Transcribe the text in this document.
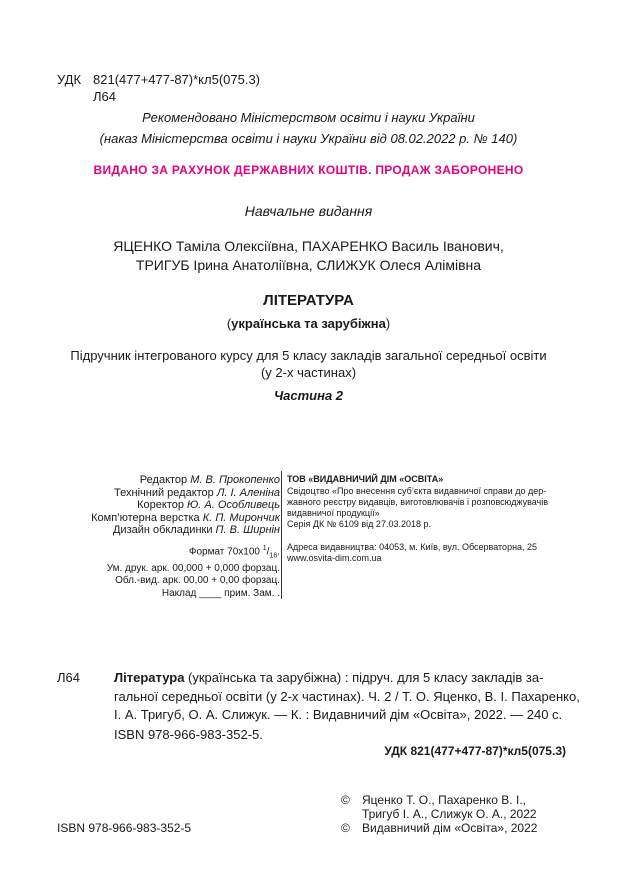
УДК 821(477+477-87)*кл5(075.3)
Л64
Рекомендовано Міністерством освіти і науки України
(наказ Міністерства освіти і науки України від 08.02.2022 р. № 140)
ВИДАНО ЗА РАХУНОК ДЕРЖАВНИХ КОШТІВ. ПРОДАЖ ЗАБОРОНЕНО
Навчальне видання
ЯЦЕНКО Таміла Олексіївна, ПАХАРЕНКО Василь Іванович,
ТРИГУБ Ірина Анатоліївна, СЛИЖУК Олеся Алімівна
ЛІТЕРАТУРА
(українська та зарубіжна)
Підручник інтегрованого курсу для 5 класу закладів загальної середньої освіти
(у 2-х частинах)
Частина 2
Редактор М. В. Прокопенко
Технічний редактор Л. І. Аленіна
Коректор Ю. А. Особливець
Комп’ютерна верстка К. П. Мирончик
Дизайн обкладинки П. В. Ширнін
Формат 70х100 $^1/_{16}$.
Ум. друк. арк. 00,000 + 0,000 форзац.
Обл.-вид. арк. 00,00 + 0,00 форзац.
Наклад ____ прим. Зам. .
ТОВ «ВИДАВНИЧИЙ ДІМ «ОСВІТА»
Свідоцтво «Про внесення суб’єкта видавничої справи до дер-
жавного реєстру видавців, виготовлювачів і розповсюджувачів
видавничої продукції»
Серія ДК № 6109 від 27.03.2018 р.
Адреса видавництва: 04053, м. Київ, вул. Обсерваторна, 25
www.osvita-dim.com.ua
Л64	Література (українська та зарубіжна) : підруч. для 5 класу закладів за-
гальної середньої освіти (у 2-х частинах). Ч. 2 / Т. О. Яценко, В. І. Пахаренко,
І. А. Тригуб, О. А. Слижук. — К. : Видавничий дім «Освіта», 2022. — 240 с.
ISBN 978-966-983-352-5.
УДК 821(477+477-87)*кл5(075.3)
© Яценко Т. О., Пахаренко В. І.,
Тригуб І. А., Слижук О. А., 2022
© Видавничий дім «Освіта», 2022
ISBN 978-966-983-352-5
